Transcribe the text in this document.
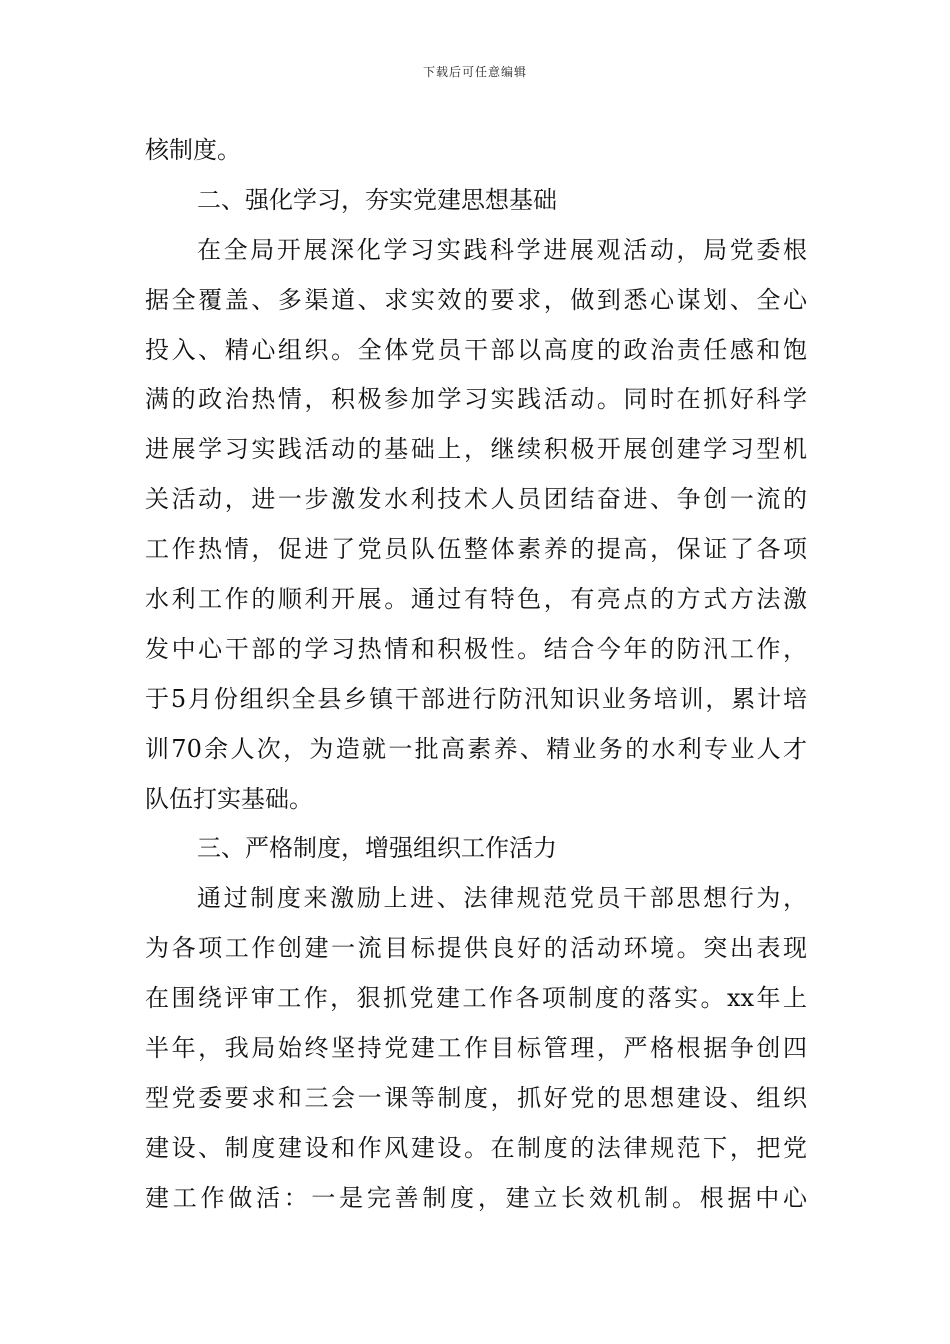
下载后可任意编辑
核制度。
二、强化学习，夯实党建思想基础
在全局开展深化学习实践科学进展观活动，局党委根
据全覆盖、多渠道、求实效的要求，做到悉心谋划、全心
投入、精心组织。全体党员干部以高度的政治责任感和饱
满的政治热情，积极参加学习实践活动。同时在抓好科学
进展学习实践活动的基础上，继续积极开展创建学习型机
关活动，进一步激发水利技术人员团结奋进、争创一流的
工作热情，促进了党员队伍整体素养的提高，保证了各项
水利工作的顺利开展。通过有特色，有亮点的方式方法激
发中心干部的学习热情和积极性。结合今年的防汛工作，
于5月份组织全县乡镇干部进行防汛知识业务培训，累计培
训70余人次，为造就一批高素养、精业务的水利专业人才
队伍打实基础。
三、严格制度，增强组织工作活力
通过制度来激励上进、法律规范党员干部思想行为，
为各项工作创建一流目标提供良好的活动环境。突出表现
在围绕评审工作，狠抓党建工作各项制度的落实。xx年上
半年，我局始终坚持党建工作目标管理，严格根据争创四
型党委要求和三会一课等制度，抓好党的思想建设、组织
建设、制度建设和作风建设。在制度的法律规范下，把党
建工作做活：一是完善制度，建立长效机制。根据中心
